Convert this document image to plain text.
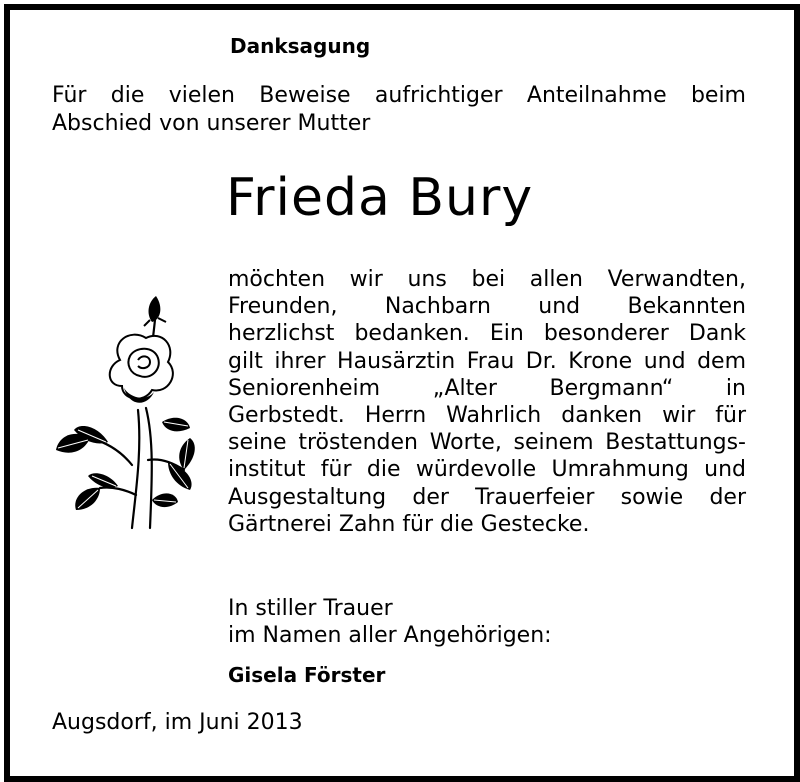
Danksagung
Für die vielen Beweise aufrichtiger Anteilnahme beim
Abschied von unserer Mutter
Frieda Bury
möchten wir uns bei allen Verwandten,
Freunden, Nachbarn und Bekannten
herzlichst bedanken. Ein besonderer Dank
gilt ihrer Hausärztin Frau Dr. Krone und dem
Seniorenheim „Alter Bergmann“ in
Gerbstedt. Herrn Wahrlich danken wir für
seine tröstenden Worte, seinem Bestattungs-
institut für die würdevolle Umrahmung und
Ausgestaltung der Trauerfeier sowie der
Gärtnerei Zahn für die Gestecke.
In stiller Trauer
im Namen aller Angehörigen:
Gisela Förster
Augsdorf, im Juni 2013
